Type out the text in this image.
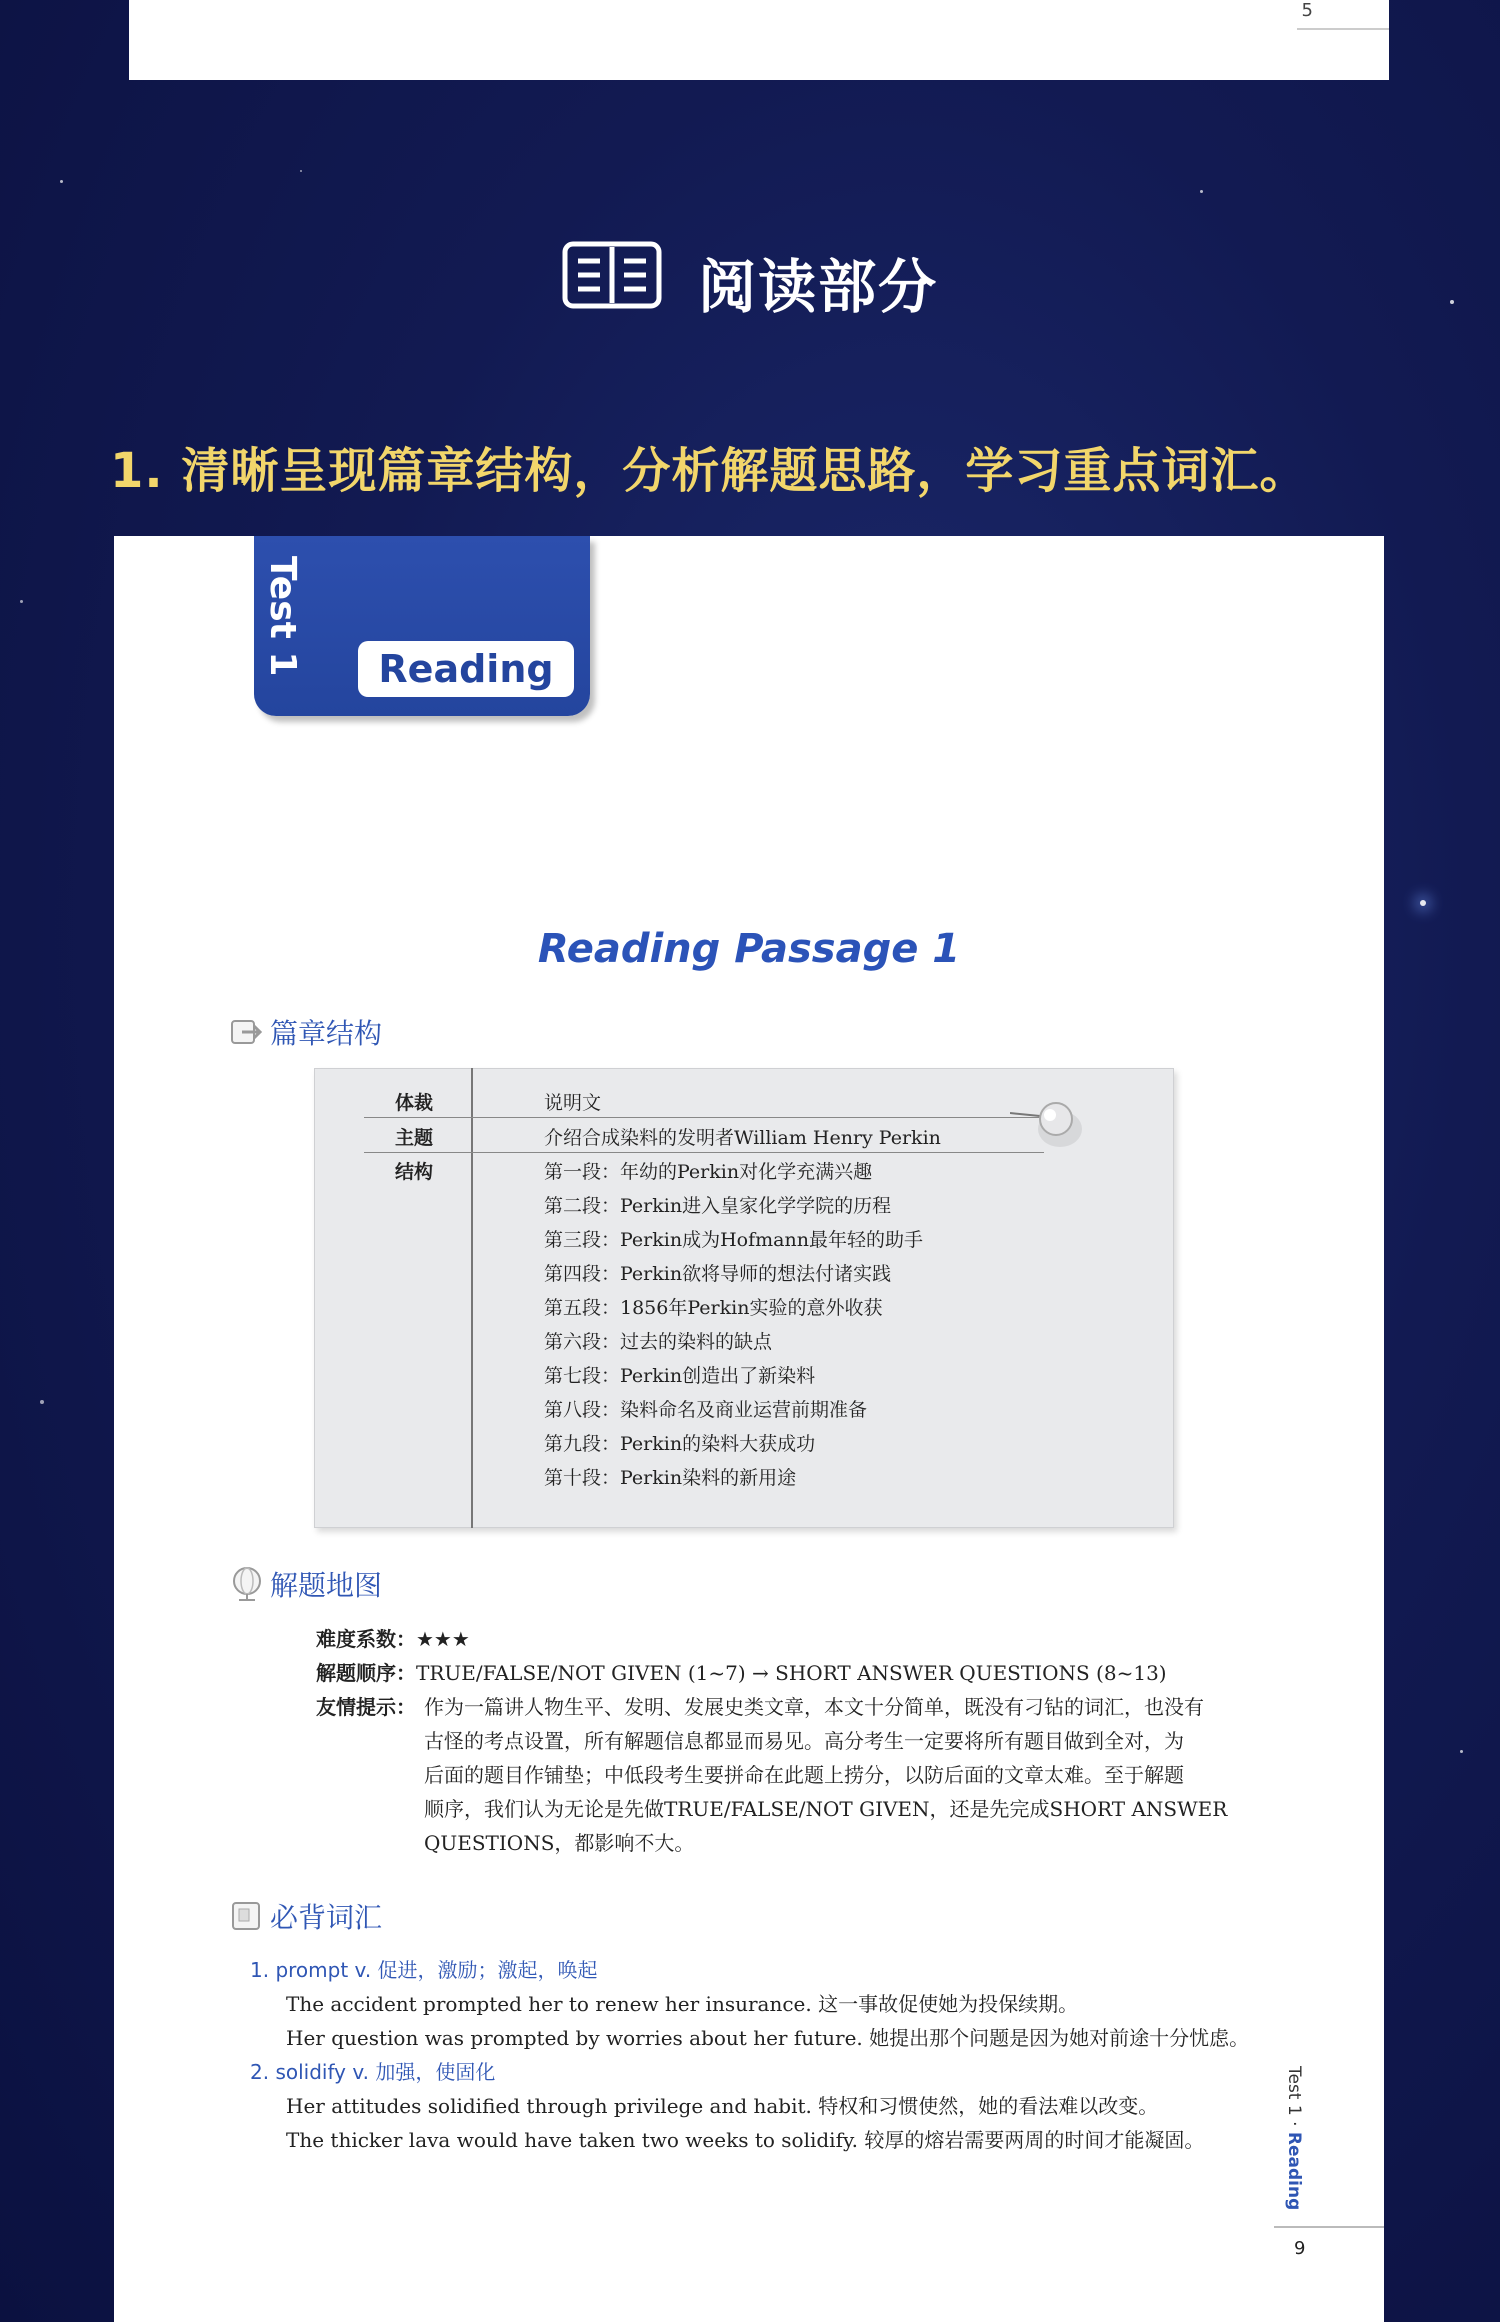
5
阅读部分
1. 清晰呈现篇章结构，分析解题思路，学习重点词汇。
Test 1	Reading
Reading Passage 1
篇章结构
体裁	说明文
主题	介绍合成染料的发明者William Henry Perkin
结构	第一段：年幼的Perkin对化学充满兴趣
第二段：Perkin进入皇家化学学院的历程
第三段：Perkin成为Hofmann最年轻的助手
第四段：Perkin欲将导师的想法付诸实践
第五段：1856年Perkin实验的意外收获
第六段：过去的染料的缺点
第七段：Perkin创造出了新染料
第八段：染料命名及商业运营前期准备
第九段：Perkin的染料大获成功
第十段：Perkin染料的新用途
解题地图
难度系数：★★★
解题顺序：TRUE/FALSE/NOT GIVEN (1~7) → SHORT ANSWER QUESTIONS (8~13)
友情提示： 作为一篇讲人物生平、发明、发展史类文章，本文十分简单，既没有刁钻的词汇，也没有
古怪的考点设置，所有解题信息都显而易见。高分考生一定要将所有题目做到全对，为
后面的题目作铺垫；中低段考生要拼命在此题上捞分，以防后面的文章太难。至于解题
顺序，我们认为无论是先做TRUE/FALSE/NOT GIVEN，还是先完成SHORT ANSWER
QUESTIONS，都影响不大。
必背词汇
1. prompt v. 促进，激励；激起，唤起
The accident prompted her to renew her insurance. 这一事故促使她为投保续期。
Her question was prompted by worries about her future. 她提出那个问题是因为她对前途十分忧虑。
2. solidify v. 加强，使固化
Her attitudes solidified through privilege and habit. 特权和习惯使然，她的看法难以改变。
The thicker lava would have taken two weeks to solidify. 较厚的熔岩需要两周的时间才能凝固。
Test 1 · Reading
9
